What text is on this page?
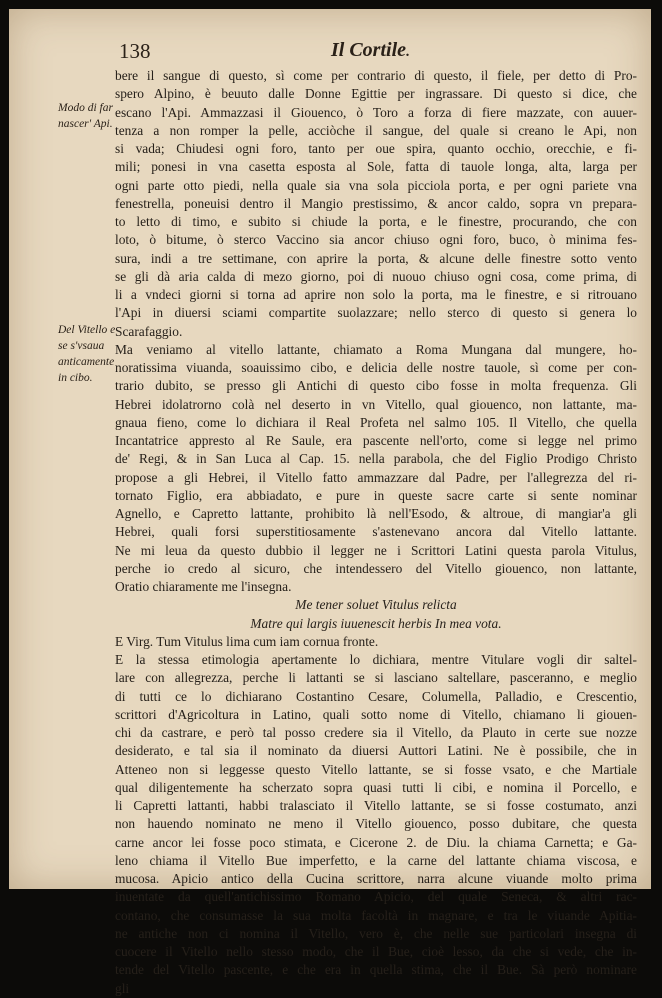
138	Il Cortile
.
Modo di far nascer' Api.
Del Vitello e se s'vsaua anticamente in cibo.
bere il sangue di questo, sì come per contrario di questo, il fiele, per detto di Pro-
spero Alpino, è beuuto dalle Donne Egittie per ingrassare. Di questo si dice, che
escano l'Api. Ammazzasi il Giouenco, ò Toro a forza di fiere mazzate, con auuer-
tenza a non romper la pelle, acciòche il sangue, del quale si creano le Api, non
si vada; Chiudesi ogni foro, tanto per oue spira, quanto occhio, orecchie, e fi-
mili; ponesi in vna casetta esposta al Sole, fatta di tauole longa, alta, larga per
ogni parte otto piedi, nella quale sia vna sola picciola porta, e per ogni pariete vna
fenestrella, poneuisi dentro il Mangio prestissimo, & ancor caldo, sopra vn prepara-
to letto di timo, e subito si chiude la porta, e le finestre, procurando, che con
loto, ò bitume, ò sterco Vaccino sia ancor chiuso ogni foro, buco, ò minima fes-
sura, indi a tre settimane, con aprire la porta, & alcune delle finestre sotto vento
se gli dà aria calda di mezo giorno, poi di nuouo chiuso ogni cosa, come prima, di
li a vndeci giorni si torna ad aprire non solo la porta, ma le finestre, e si ritrouano
l'Api in diuersi sciami compartite suolazzare; nello sterco di questo si genera lo
Scarafaggio.
Ma veniamo al vitello lattante, chiamato a Roma Mungana dal mungere, ho-
noratissima viuanda, soauissimo cibo, e delicia delle nostre tauole, sì come per con-
trario dubito, se presso gli Antichi di questo cibo fosse in molta frequenza. Gli
Hebrei idolatrorno colà nel deserto in vn Vitello, qual giouenco, non lattante, ma-
gnaua fieno, come lo dichiara il Real Profeta nel salmo 105. Il Vitello, che quella
Incantatrice appresto al Re Saule, era pascente nell'orto, come si legge nel primo
de' Regi, & in San Luca al Cap. 15. nella parabola, che del Figlio Prodigo Christo
propose a gli Hebrei, il Vitello fatto ammazzare dal Padre, per l'allegrezza del ri-
tornato Figlio, era abbiadato, e pure in queste sacre carte si sente nominar
Agnello, e Capretto lattante, prohibito là nell'Esodo, & altroue, di mangiar'a gli
Hebrei, quali forsi superstitiosamente s'astenevano ancora dal Vitello lattante.
Ne mi leua da questo dubbio il legger ne i Scrittori Latini questa parola Vitulus,
perche io credo al sicuro, che intendessero del Vitello giouenco, non lattante,
Oratio chiaramente me l'insegna.
Me tener soluet Vitulus relicta
Matre qui largis iuuenescit herbis In mea vota.
E Virg. Tum Vitulus lima cum iam cornua fronte.
E la stessa etimologia apertamente lo dichiara, mentre Vitulare vogli dir saltel-
lare con allegrezza, perche li lattanti se si lasciano saltellare, pasceranno, e meglio
di tutti ce lo dichiarano Costantino Cesare, Columella, Palladio, e Crescentio,
scrittori d'Agricoltura in Latino, quali sotto nome di Vitello, chiamano li giouen-
chi da castrare, e però tal posso credere sia il Vitello, da Plauto in certe sue nozze
desiderato, e tal sia il nominato da diuersi Auttori Latini. Ne è possibile, che in
Atteneo non si leggesse questo Vitello lattante, se si fosse vsato, e che Martiale
qual diligentemente ha scherzato sopra quasi tutti li cibi, e nomina il Porcello, e
li Capretti lattanti, habbi tralasciato il Vitello lattante, se si fosse costumato, anzi
non hauendo nominato ne meno il Vitello giouenco, posso dubitare, che questa
carne ancor lei fosse poco stimata, e Cicerone 2. de Diu. la chiama Carnetta; e Ga-
leno chiama il Vitello Bue imperfetto, e la carne del lattante chiama viscosa, e
mucosa. Apicio antico della Cucina scrittore, narra alcune viuande molto prima
inuentate da quell'antichissimo Romano Apicio, del quale Seneca, & altri rac-
contano, che consumasse la sua molta facoltà in magnare, e tra le viuande Apitia-
ne antiche non ci nomina il Vitello, vero è, che nelle sue particolari insegna di
cuocere il Vitello nello stesso modo, che il Bue, cioè lesso, da che si vede, che in-
tende del Vitello pascente, e che era in quella stima, che il Bue. Sà però nominare
gli
